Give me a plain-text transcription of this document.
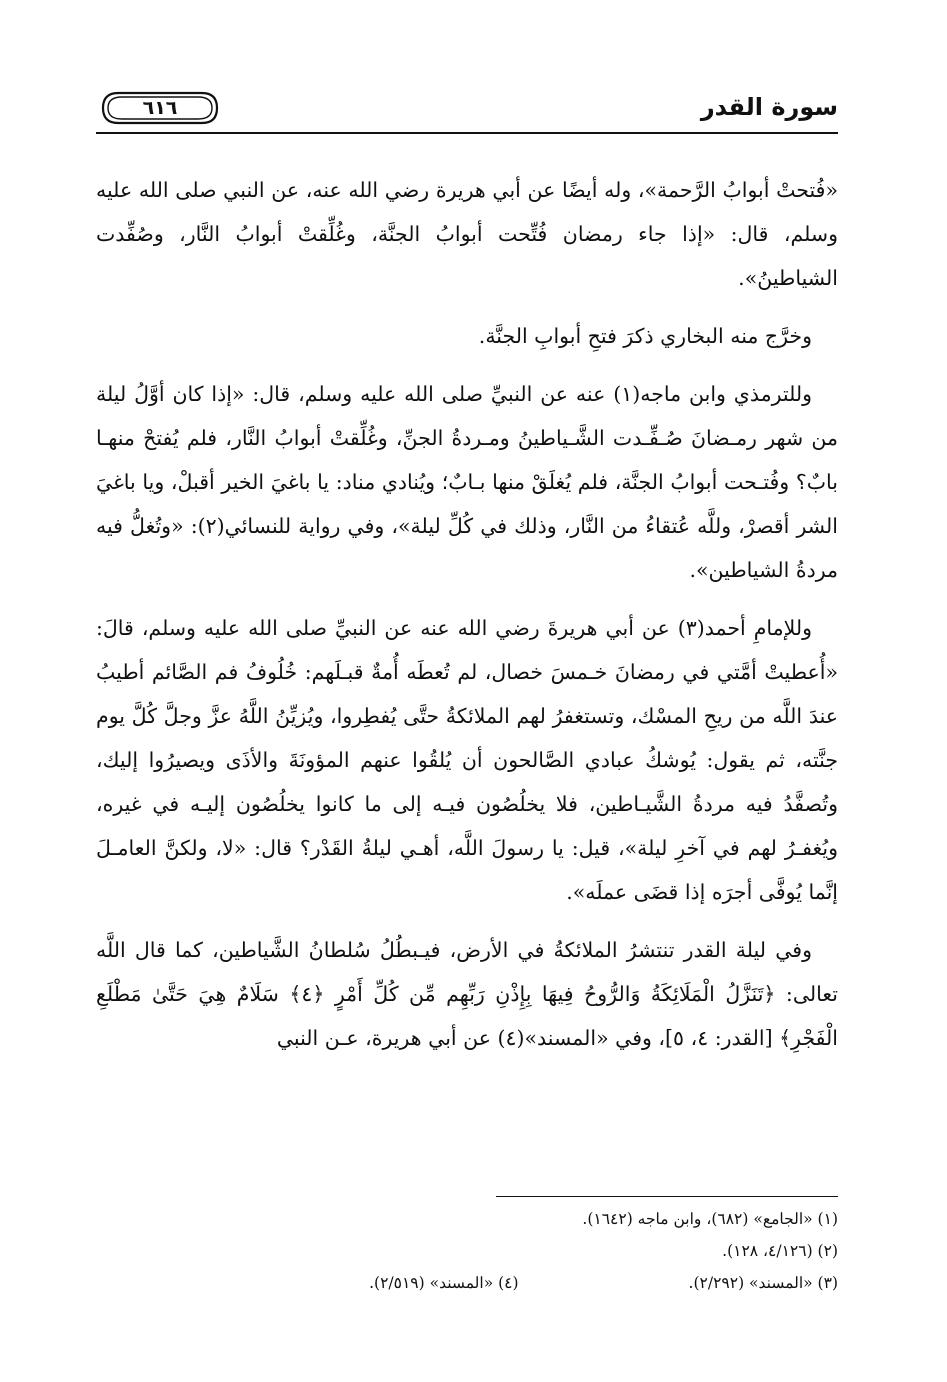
سورة القدر
٦١٦

«فُتحتْ أبوابُ الرَّحمة»، وله أيضًا عن أبي هريرة رضي الله عنه، عن النبي صلى الله عليه وسلم، قال: «إذا جاء رمضان فُتِّحت أبوابُ الجنَّة، وغُلِّقتْ أبوابُ النَّار، وصُفِّدت الشياطينُ».

وخرَّج منه البخاري ذكرَ فتحِ أبوابِ الجنَّة.

وللترمذي وابن ماجه(١) عنه عن النبيِّ صلى الله عليه وسلم، قال: «إذا كان أوَّلُ ليلة من شهر رمـضانَ صُـفِّـدت الشَّـياطينُ ومـردةُ الجنِّ، وغُلِّقتْ أبوابُ النَّار، فلم يُفتحْ منهـا بابٌ؟ وفُتـحت أبوابُ الجنَّة، فلم يُغلَقْ منها بـابٌ؛ ويُنادي مناد: يا باغيَ الخير أقبلْ، ويا باغيَ الشر أقصرْ، وللَّه عُتقاءُ من النَّار، وذلك في كُلِّ ليلة»، وفي رواية للنسائي(٢): «وتُغلُّ فيه مردةُ الشياطين».

وللإمامِ أحمد(٣) عن أبي هريرةَ رضي الله عنه عن النبيِّ صلى الله عليه وسلم، قالَ: «أُعطيتْ أمَّتي في رمضانَ خـمسَ خصال، لم تُعطَه أُمةٌ قبـلَهم: خُلُوفُ فم الصَّائم أطيبُ عندَ اللَّه من ريحِ المسْك، وتستغفرُ لهم الملائكةُ حتَّى يُفطِروا، ويُزيِّنُ اللَّهُ عزَّ وجلَّ كُلَّ يوم جنَّته، ثم يقول: يُوشكُ عبادي الصَّالحون أن يُلقُوا عنهم المؤونَةَ والأذَى ويصيرُوا إليك، وتُصفَّدُ فيه مردةُ الشَّيـاطين، فلا يخلُصُون فيـه إلى ما كانوا يخلُصُون إليـه في غيره، ويُغفـرُ لهم في آخرِ ليلة»، قيل: يا رسولَ اللَّه، أهـي ليلةُ القَدْر؟ قال: «لا، ولكنَّ العامـلَ إنَّما يُوفَّى أجرَه إذا قضَى عملَه».

وفي ليلة القدر تنتشرُ الملائكةُ في الأرض، فيـبطُلُ سُلطانُ الشَّياطين، كما قال اللَّه تعالى: ﴿تَنَزَّلُ الْمَلَائِكَةُ وَالرُّوحُ فِيهَا بِإِذْنِ رَبِّهِم مِّن كُلِّ أَمْرٍ ﴿٤﴾ سَلَامٌ هِيَ حَتَّىٰ مَطْلَعِ الْفَجْرِ﴾ [القدر: ٤، ٥]، وفي «المسند»(٤) عن أبي هريرة، عـن النبي

(١) «الجامع» (٦٨٢)، وابن ماجه (١٦٤٢).
(٢) (٤/١٢٦، ١٢٨).
(٣) «المسند» (٢/٢٩٢).
(٤) «المسند» (٢/٥١٩).
